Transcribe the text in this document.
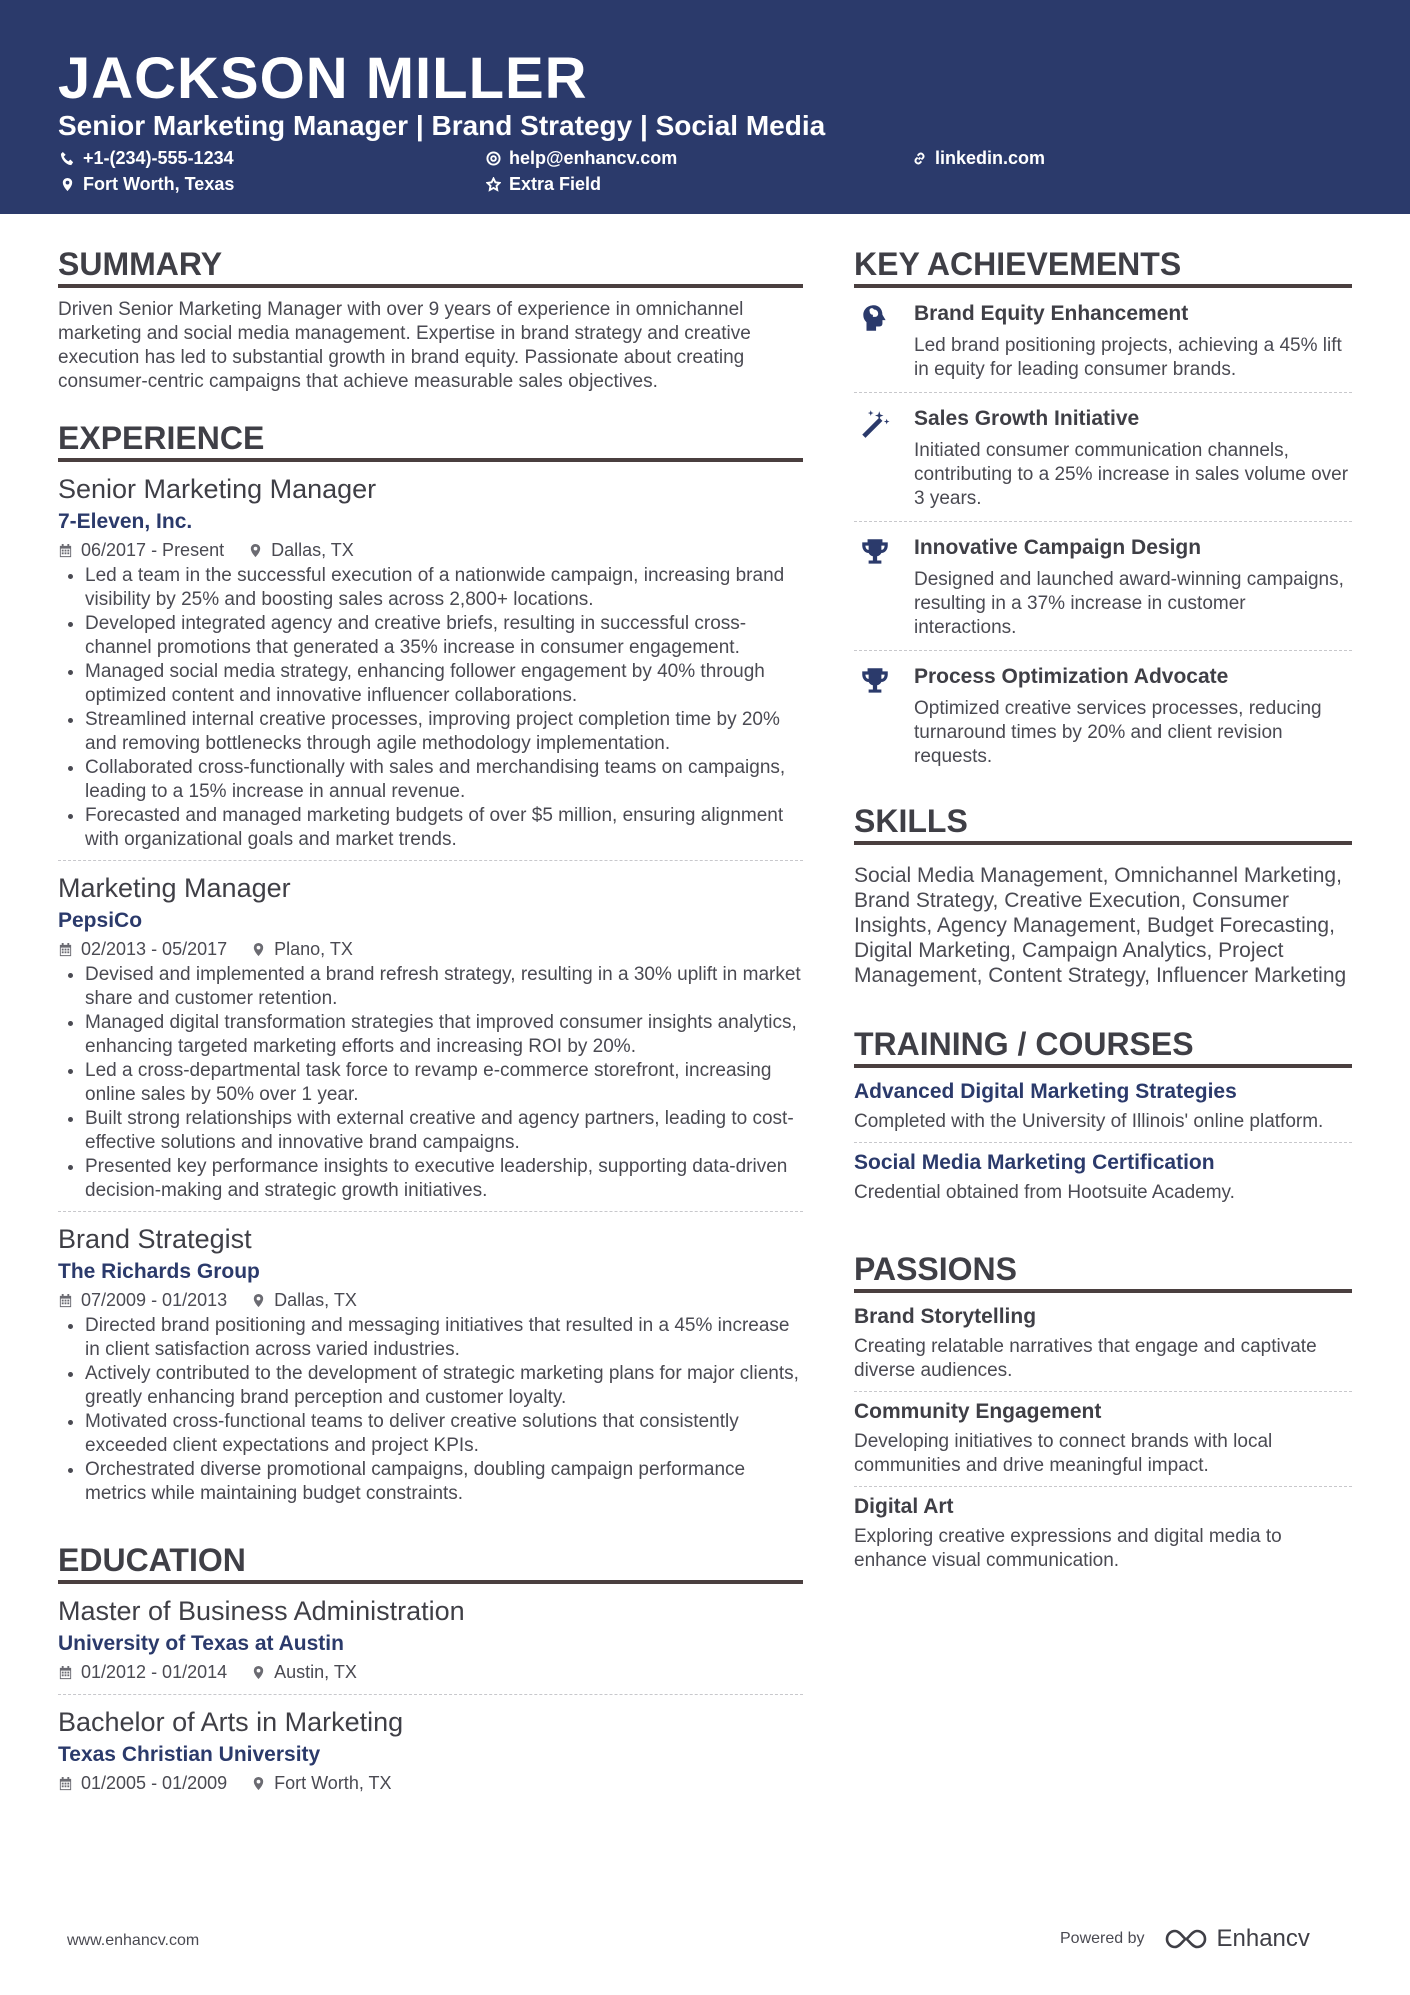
JACKSON MILLER
Senior Marketing Manager | Brand Strategy | Social Media
+1-(234)-555-1234	help@enhancv.com	linkedin.com
Fort Worth, Texas	Extra Field
SUMMARY
Driven Senior Marketing Manager with over 9 years of experience in omnichannel marketing and social media management. Expertise in brand strategy and creative execution has led to substantial growth in brand equity. Passionate about creating consumer-centric campaigns that achieve measurable sales objectives.
EXPERIENCE
Senior Marketing Manager
7-Eleven, Inc.
06/2017 - Present	Dallas, TX
• Led a team in the successful execution of a nationwide campaign, increasing brand visibility by 25% and boosting sales across 2,800+ locations.
• Developed integrated agency and creative briefs, resulting in successful cross-channel promotions that generated a 35% increase in consumer engagement.
• Managed social media strategy, enhancing follower engagement by 40% through optimized content and innovative influencer collaborations.
• Streamlined internal creative processes, improving project completion time by 20% and removing bottlenecks through agile methodology implementation.
• Collaborated cross-functionally with sales and merchandising teams on campaigns, leading to a 15% increase in annual revenue.
• Forecasted and managed marketing budgets of over $5 million, ensuring alignment with organizational goals and market trends.
Marketing Manager
PepsiCo
02/2013 - 05/2017	Plano, TX
• Devised and implemented a brand refresh strategy, resulting in a 30% uplift in market share and customer retention.
• Managed digital transformation strategies that improved consumer insights analytics, enhancing targeted marketing efforts and increasing ROI by 20%.
• Led a cross-departmental task force to revamp e-commerce storefront, increasing online sales by 50% over 1 year.
• Built strong relationships with external creative and agency partners, leading to cost-effective solutions and innovative brand campaigns.
• Presented key performance insights to executive leadership, supporting data-driven decision-making and strategic growth initiatives.
Brand Strategist
The Richards Group
07/2009 - 01/2013	Dallas, TX
• Directed brand positioning and messaging initiatives that resulted in a 45% increase in client satisfaction across varied industries.
• Actively contributed to the development of strategic marketing plans for major clients, greatly enhancing brand perception and customer loyalty.
• Motivated cross-functional teams to deliver creative solutions that consistently exceeded client expectations and project KPIs.
• Orchestrated diverse promotional campaigns, doubling campaign performance metrics while maintaining budget constraints.
EDUCATION
Master of Business Administration
University of Texas at Austin
01/2012 - 01/2014	Austin, TX
Bachelor of Arts in Marketing
Texas Christian University
01/2005 - 01/2009	Fort Worth, TX
KEY ACHIEVEMENTS
Brand Equity Enhancement
Led brand positioning projects, achieving a 45% lift in equity for leading consumer brands.
Sales Growth Initiative
Initiated consumer communication channels, contributing to a 25% increase in sales volume over 3 years.
Innovative Campaign Design
Designed and launched award-winning campaigns, resulting in a 37% increase in customer interactions.
Process Optimization Advocate
Optimized creative services processes, reducing turnaround times by 20% and client revision requests.
SKILLS
Social Media Management, Omnichannel Marketing, Brand Strategy, Creative Execution, Consumer Insights, Agency Management, Budget Forecasting, Digital Marketing, Campaign Analytics, Project Management, Content Strategy, Influencer Marketing
TRAINING / COURSES
Advanced Digital Marketing Strategies
Completed with the University of Illinois' online platform.
Social Media Marketing Certification
Credential obtained from Hootsuite Academy.
PASSIONS
Brand Storytelling
Creating relatable narratives that engage and captivate diverse audiences.
Community Engagement
Developing initiatives to connect brands with local communities and drive meaningful impact.
Digital Art
Exploring creative expressions and digital media to enhance visual communication.
www.enhancv.com	Powered by	Enhancv
